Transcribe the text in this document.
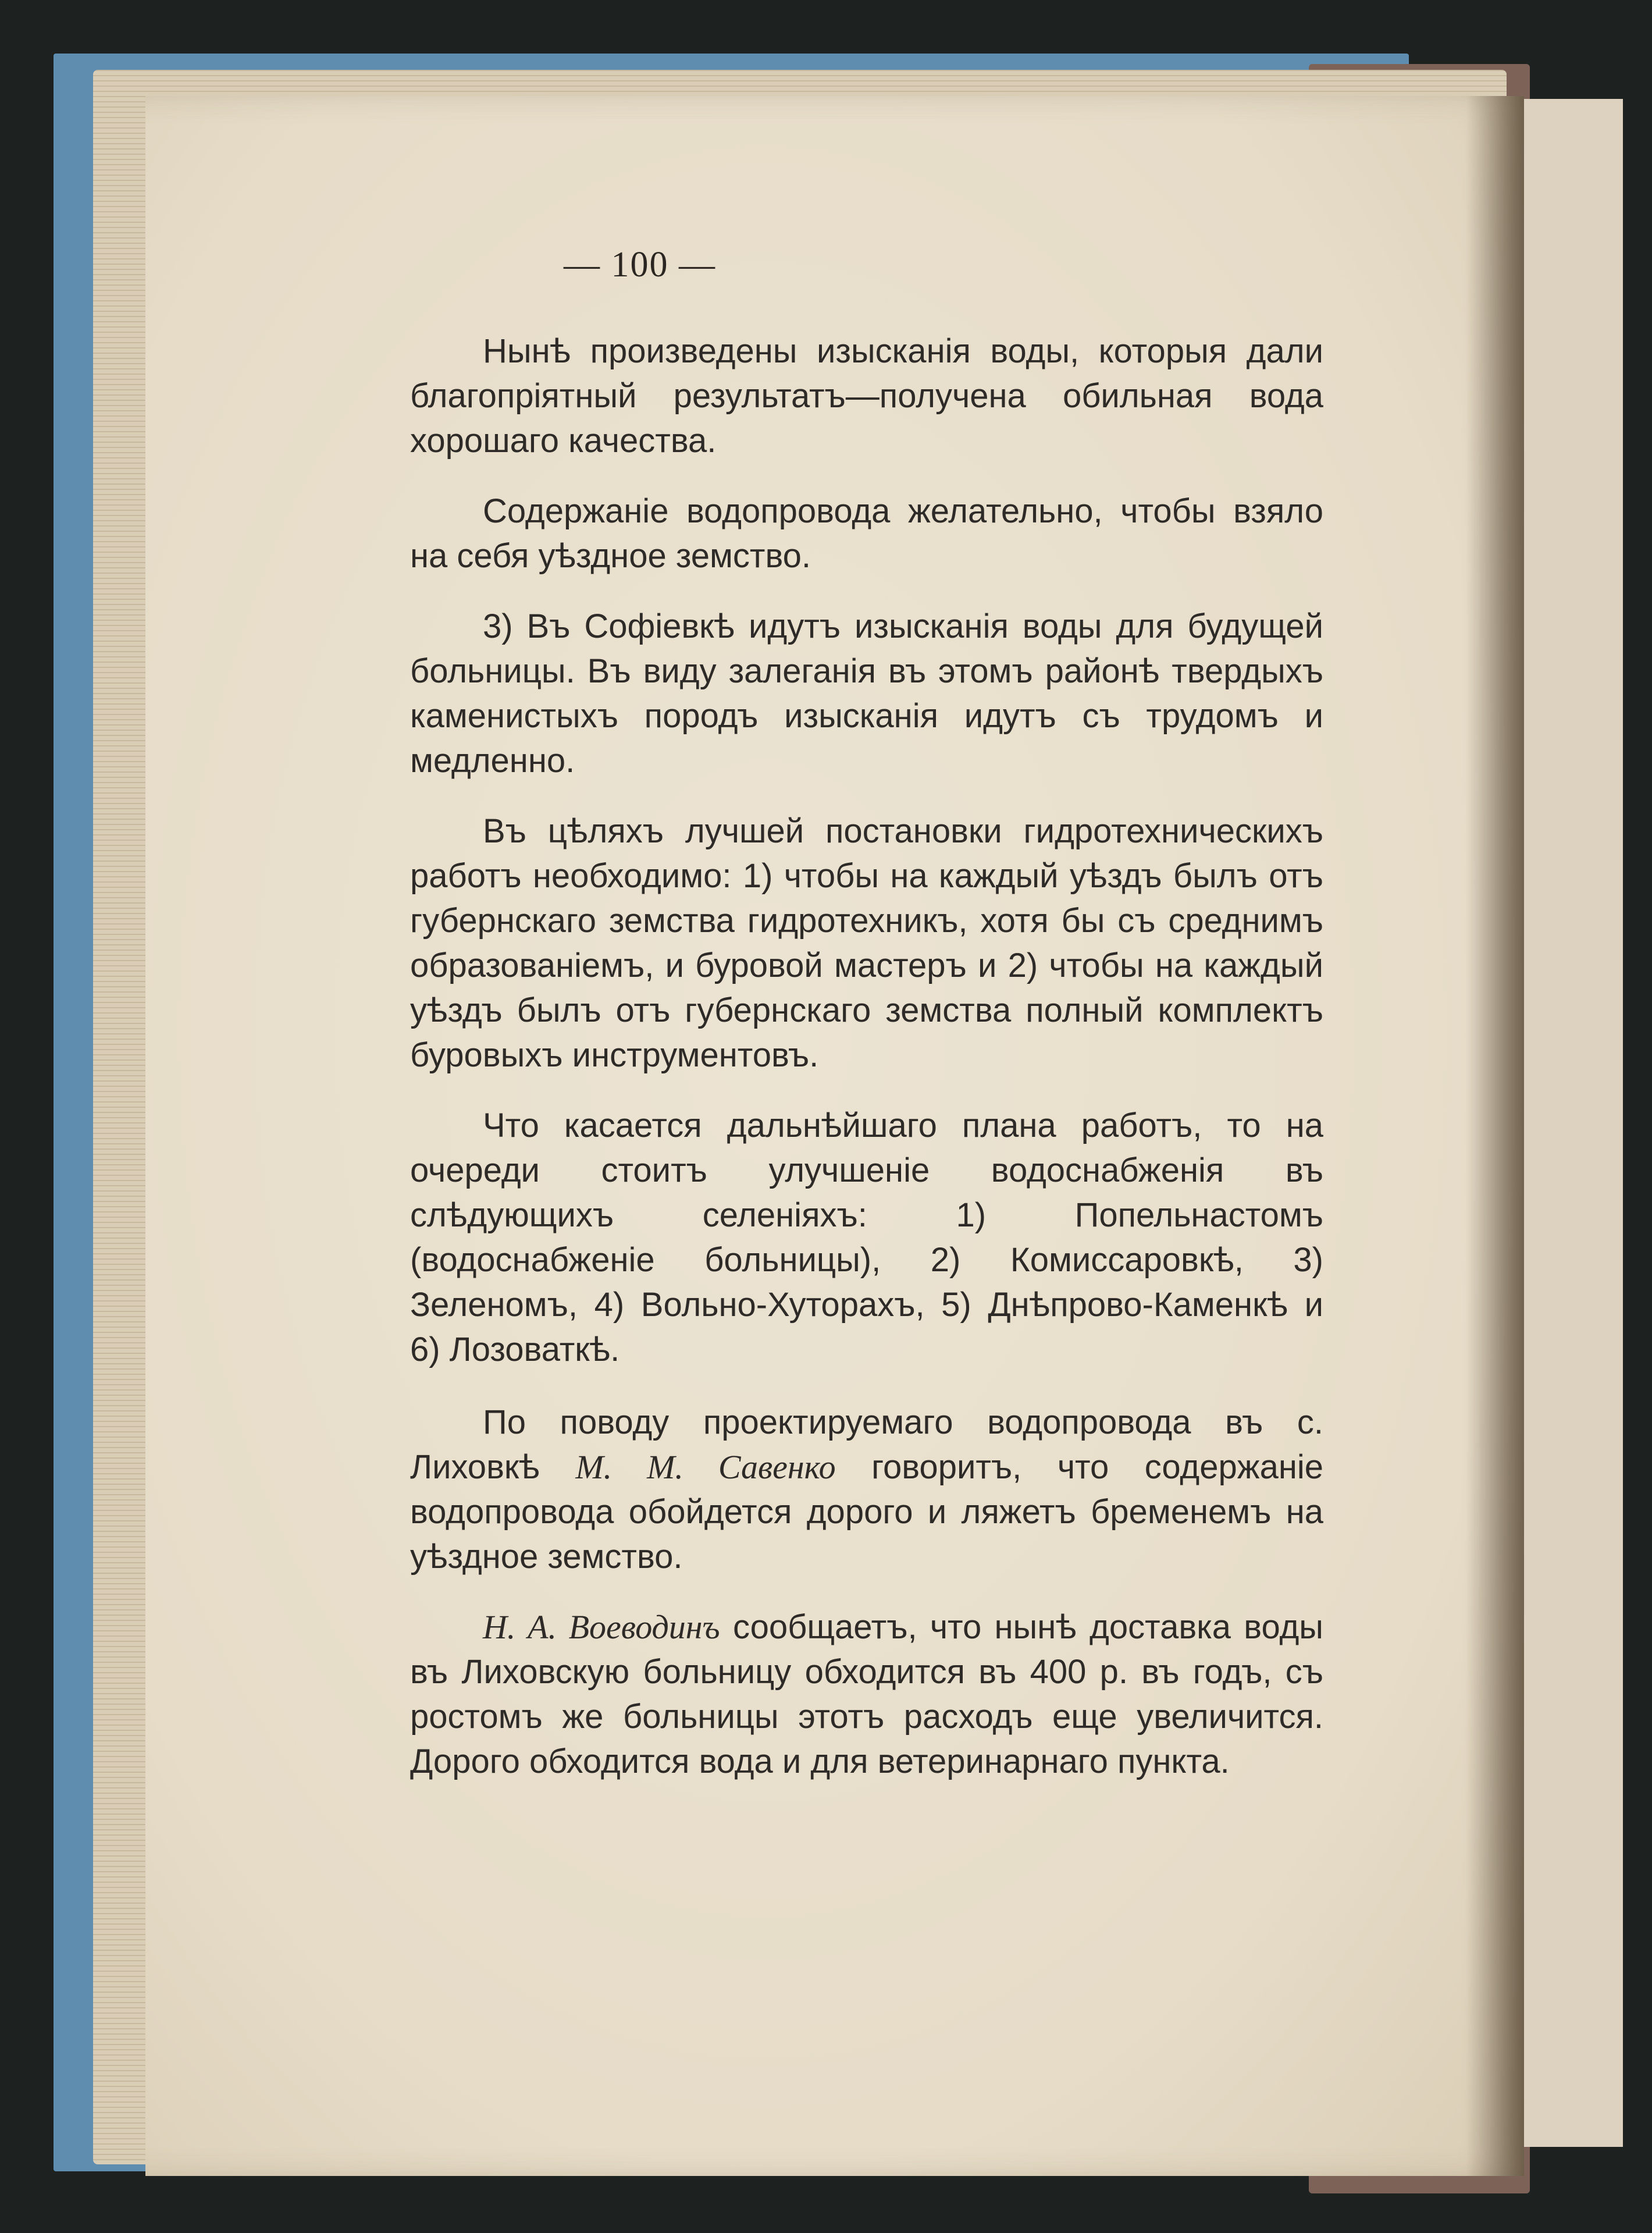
— 100 —

Нынѣ произведены изысканія воды, которыя дали благопріятный результатъ—получена обильная вода хорошаго качества.

Содержаніе водопровода желательно, чтобы взяло на себя уѣздное земство.

3) Въ Софіевкѣ идутъ изысканія воды для будущей больницы. Въ виду залеганія въ этомъ районѣ твердыхъ каменистыхъ породъ изысканія идутъ съ трудомъ и медленно.

Въ цѣляхъ лучшей постановки гидротехническихъ работъ необходимо: 1) чтобы на каждый уѣздъ былъ отъ губернскаго земства гидротехникъ, хотя бы съ среднимъ образованіемъ, и буровой мастеръ и 2) чтобы на каждый уѣздъ былъ отъ губернскаго земства полный комплектъ буровыхъ инструментовъ.

Что касается дальнѣйшаго плана работъ, то на очереди стоитъ улучшеніе водоснабженія въ слѣдующихъ селеніяхъ: 1) Попельнастомъ (водоснабженіе больницы), 2) Комиссаровкѣ, 3) Зеленомъ, 4) Вольно-Хуторахъ, 5) Днѣпрово-Каменкѣ и 6) Лозоваткѣ.

По поводу проектируемаго водопровода въ с. Лиховкѣ М. М. Савенко говоритъ, что содержаніе водопровода обойдется дорого и ляжетъ бременемъ на уѣздное земство.

Н. А. Воеводинъ сообщаетъ, что нынѣ доставка воды въ Лиховскую больницу обходится въ 400 р. въ годъ, съ ростомъ же больницы этотъ расходъ еще увеличится. Дорого обходится вода и для ветеринарнаго пункта.
